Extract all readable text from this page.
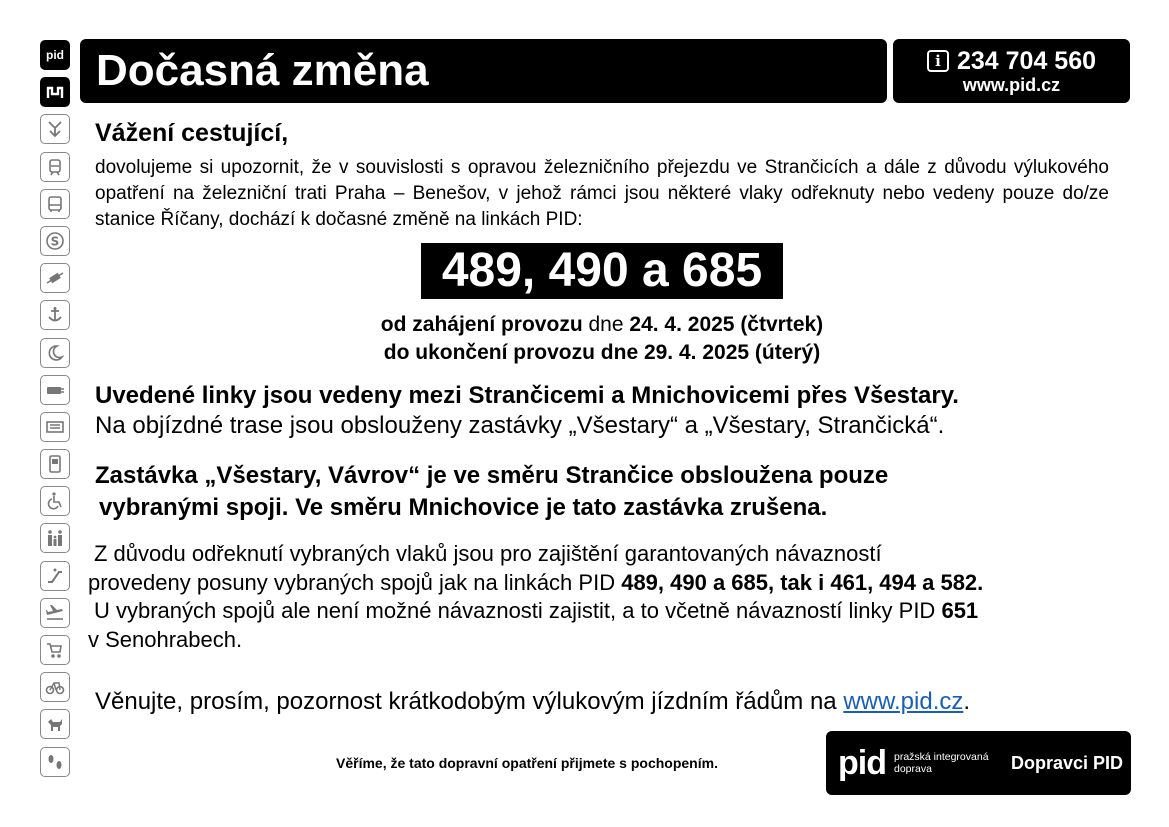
pid
S
Dočasná změna	i 234 704 560
www.pid.cz
Vážení cestující,
dovolujeme si upozornit, že v souvislosti s opravou železničního přejezdu ve Strančicích a dále z důvodu výlukového opatření na železniční trati Praha – Benešov, v jehož rámci jsou některé vlaky odřeknuty nebo vedeny pouze do/ze stanice Říčany, dochází k dočasné změně na linkách PID:
489, 490 a 685
od zahájení provozu dne 24. 4. 2025 (čtvrtek)
do ukončení provozu dne 29. 4. 2025 (úterý)
Uvedené linky jsou vedeny mezi Strančicemi a Mnichovicemi přes Všestary.
Na objízdné trase jsou obslouženy zastávky „Všestary“ a „Všestary, Strančická“.
Zastávka „Všestary, Vávrov“ je ve směru Strančice obsloužena pouze
vybranými spoji. Ve směru Mnichovice je tato zastávka zrušena.
Z důvodu odřeknutí vybraných vlaků jsou pro zajištění garantovaných návazností
provedeny posuny vybraných spojů jak na linkách PID 489, 490 a 685, tak i 461, 494 a 582.
U vybraných spojů ale není možné návaznosti zajistit, a to včetně návazností linky PID 651
v Senohrabech.
Věnujte, prosím, pozornost krátkodobým výlukovým jízdním řádům na www.pid.cz.
Věříme, že tato dopravní opatření přijmete s pochopením.	pid pražská integrovaná doprava	Dopravci PID
